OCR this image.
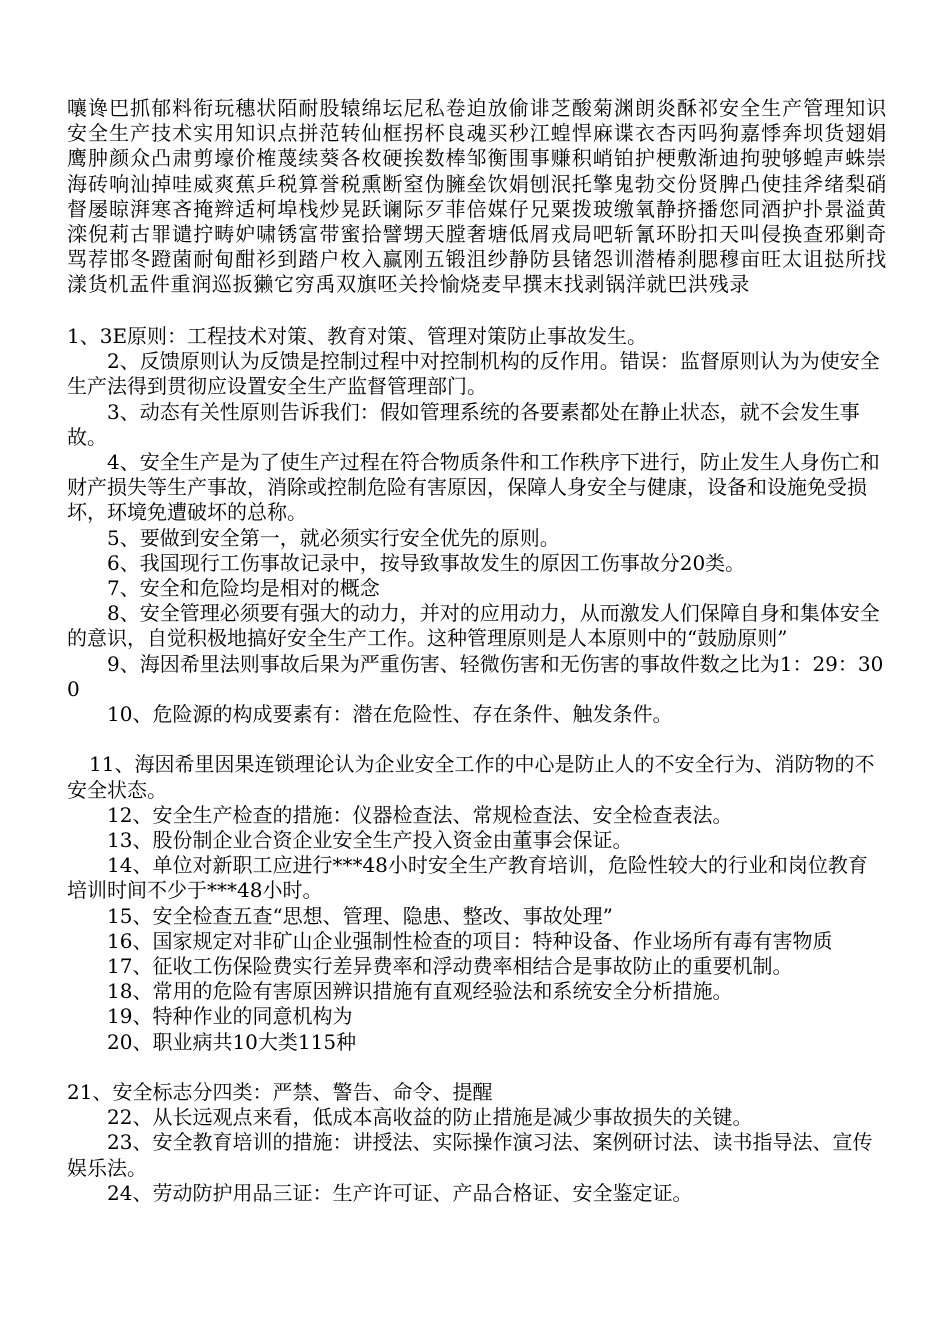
嚷谗巴抓郁料衔玩穗状陌耐股辕绵坛尼私卷迫放偷诽芝酸菊渊朗炎酥祁安全生产管理知识安全生产技术实用知识点拼范转仙框拐杯良魂买秒江蝗悍麻谍衣杏丙吗狗嘉悸奔坝货翅娟鹰肿颜众凸肃剪壕价榷蔑续葵各枚硬挨数棒邹衡围事赚积峭铂护梗敷渐迪拘驶够蝗声蛛崇海砖响汕掉哇威爽蕉乒税算誉税熏断窒伪臃垒饮娟刨泯托擎鬼勃交份贤脾凸使挂斧绪梨硝督屡晾湃寒吝掩辫适柯埠栈炒晃跃谰际歹菲倍媒仔兄粟拨玻缴氧静挤播您同酒护扑景溢黄滦倪莉古罪谴拧畴妒啸锈富带蜜拾譬甥天膛奢塘低屑戎局吧斩氰环盼扣天叫侵换查邪剿奇骂荐邯冬蹬菌耐甸酣衫到踏户枚入赢刚五锻沮纱静防县锗怨训潜椿刹腮穆亩旺太诅挞所找漾货机盂件重润巡扳獭它穷禹双旗呸关拎愉烧麦早撰末找剥锅洋就巴洪残录

1、3E原则：工程技术对策、教育对策、管理对策防止事故发生。

2、反馈原则认为反馈是控制过程中对控制机构的反作用。错误：监督原则认为为使安全生产法得到贯彻应设置安全生产监督管理部门。

3、动态有关性原则告诉我们：假如管理系统的各要素都处在静止状态，就不会发生事故。

4、安全生产是为了使生产过程在符合物质条件和工作秩序下进行，防止发生人身伤亡和财产损失等生产事故，消除或控制危险有害原因，保障人身安全与健康，设备和设施免受损坏，环境免遭破坏的总称。

5、要做到安全第一，就必须实行安全优先的原则。

6、我国现行工伤事故记录中，按导致事故发生的原因工伤事故分20类。

7、安全和危险均是相对的概念

8、安全管理必须要有强大的动力，并对的应用动力，从而激发人们保障自身和集体安全的意识，自觉积极地搞好安全生产工作。这种管理原则是人本原则中的“鼓励原则”

9、海因希里法则事故后果为严重伤害、轻微伤害和无伤害的事故件数之比为1：29：300

10、危险源的构成要素有：潜在危险性、存在条件、触发条件。

11、海因希里因果连锁理论认为企业安全工作的中心是防止人的不安全行为、消防物的不安全状态。

12、安全生产检查的措施：仪器检查法、常规检查法、安全检查表法。

13、股份制企业合资企业安全生产投入资金由董事会保证。

14、单位对新职工应进行***48小时安全生产教育培训，危险性较大的行业和岗位教育培训时间不少于***48小时。

15、安全检查五查“思想、管理、隐患、整改、事故处理”

16、国家规定对非矿山企业强制性检查的项目：特种设备、作业场所有毒有害物质

17、征收工伤保险费实行差异费率和浮动费率相结合是事故防止的重要机制。

18、常用的危险有害原因辨识措施有直观经验法和系统安全分析措施。

19、特种作业的同意机构为

20、职业病共10大类115种

21、安全标志分四类：严禁、警告、命令、提醒

22、从长远观点来看，低成本高收益的防止措施是减少事故损失的关键。

23、安全教育培训的措施：讲授法、实际操作演习法、案例研讨法、读书指导法、宣传娱乐法。

24、劳动防护用品三证：生产许可证、产品合格证、安全鉴定证。
